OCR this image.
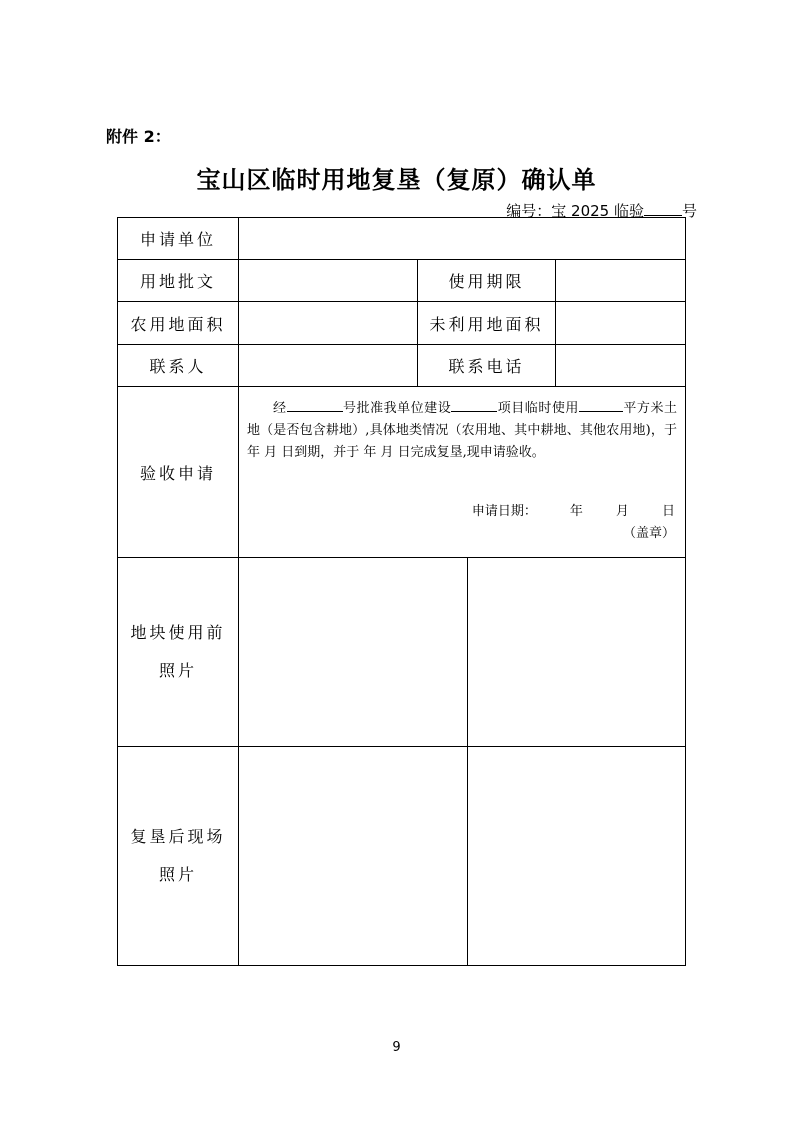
附件 2：
宝山区临时用地复垦（复原）确认单
编号：宝 2025 临验	号
申请单位				
用地批文		使用期限		
农用地面积		未利用地面积		
联系人		联系电话		
验收申请	经 号批准我单位建设 项目临时使用 平方米土地（是否包含耕地）,具体地类情况（农用地、其中耕地、其他农用地)，于 年 月 日到期，并于 年 月 日完成复垦,现申请验收。

申请日期：        年        月        日
（盖章）			

地块使用前
照片				
复垦后现场
照片				
9
